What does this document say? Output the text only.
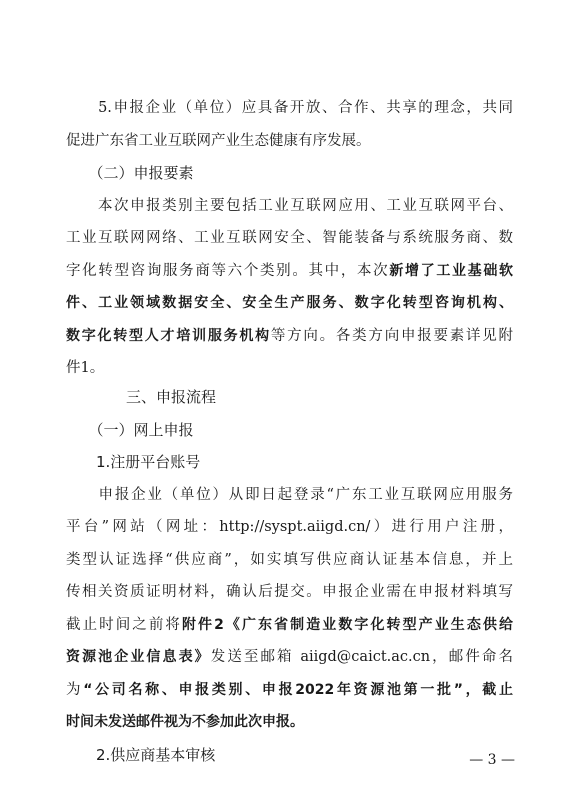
　　5.申报企业（单位）应具备开放、合作、共享的理念，共同
促进广东省工业互联网产业生态健康有序发展。
　　（二）申报要素
　　本次申报类别主要包括工业互联网应用、工业互联网平台、
工业互联网网络、工业互联网安全、智能装备与系统服务商、数
字化转型咨询服务商等六个类别。其中，本次新增了工业基础软
件、工业领域数据安全、安全生产服务、数字化转型咨询机构、
数字化转型人才培训服务机构等方向。各类方向申报要素详见附
件1。
　　　　三、申报流程
　　（一）网上申报
　　1.注册平台账号
　　申报企业（单位）从即日起登录“广东工业互联网应用服务
平台”网站（网址：http://syspt.aiigd.cn/）进行用户注册，
类型认证选择“供应商”，如实填写供应商认证基本信息，并上
传相关资质证明材料，确认后提交。申报企业需在申报材料填写
截止时间之前将附件2《广东省制造业数字化转型产业生态供给
资源池企业信息表》发送至邮箱 aiigd@caict.ac.cn，邮件命名
为“公司名称、申报类别、申报2022年资源池第一批”，截止
时间未发送邮件视为不参加此次申报。
　　2.供应商基本审核	— 3 —
